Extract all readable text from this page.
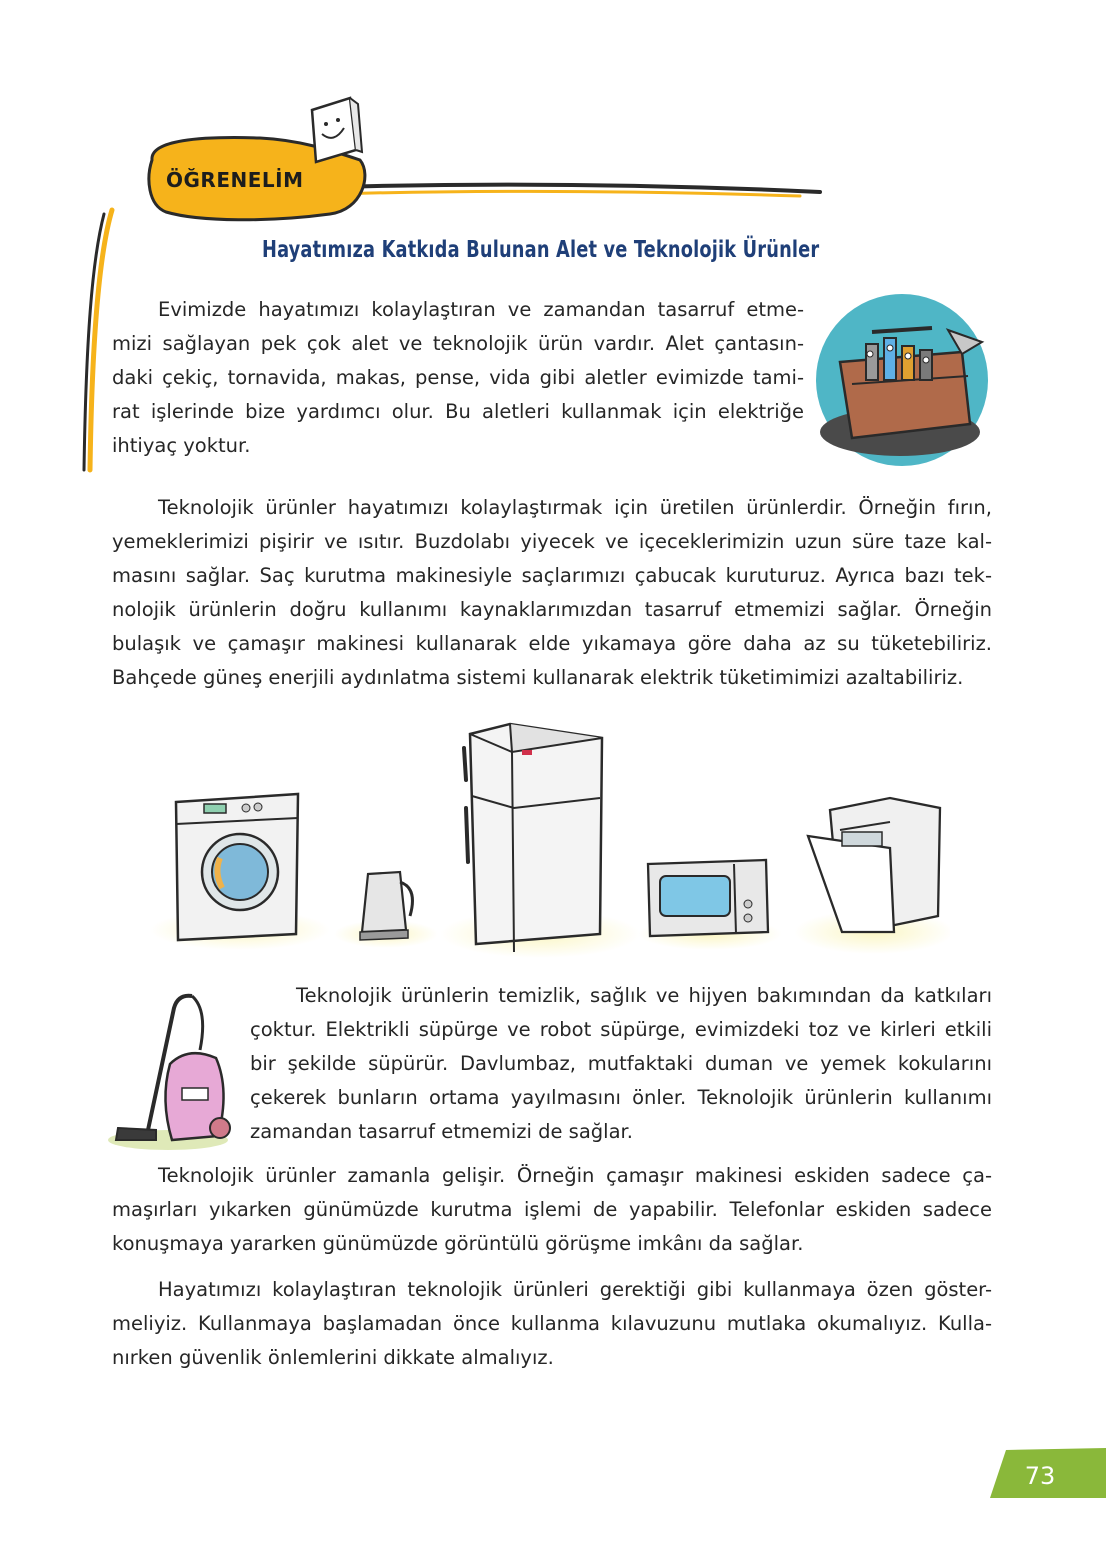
ÖĞRENELİM
Hayatımıza Katkıda Bulunan Alet ve Teknolojik Ürünler
Evimizde hayatımızı kolaylaştıran ve zamandan tasarruf etme-
mizi sağlayan pek çok alet ve teknolojik ürün vardır. Alet çantasın-
daki çekiç, tornavida, makas, pense, vida gibi aletler evimizde tami-
rat işlerinde bize yardımcı olur. Bu aletleri kullanmak için elektriğe
ihtiyaç yoktur.
Teknolojik ürünler hayatımızı kolaylaştırmak için üretilen ürünlerdir. Örneğin fırın,
yemeklerimizi pişirir ve ısıtır. Buzdolabı yiyecek ve içeceklerimizin uzun süre taze kal-
masını sağlar. Saç kurutma makinesiyle saçlarımızı çabucak kuruturuz. Ayrıca bazı tek-
nolojik ürünlerin doğru kullanımı kaynaklarımızdan tasarruf etmemizi sağlar. Örneğin
bulaşık ve çamaşır makinesi kullanarak elde yıkamaya göre daha az su tüketebiliriz.
Bahçede güneş enerjili aydınlatma sistemi kullanarak elektrik tüketimimizi azaltabiliriz.
Teknolojik ürünlerin temizlik, sağlık ve hijyen bakımından da katkıları
çoktur. Elektrikli süpürge ve robot süpürge, evimizdeki toz ve kirleri etkili
bir şekilde süpürür. Davlumbaz, mutfaktaki duman ve yemek kokularını
çekerek bunların ortama yayılmasını önler. Teknolojik ürünlerin kullanımı
zamandan tasarruf etmemizi de sağlar.
Teknolojik ürünler zamanla gelişir. Örneğin çamaşır makinesi eskiden sadece ça-
maşırları yıkarken günümüzde kurutma işlemi de yapabilir. Telefonlar eskiden sadece
konuşmaya yararken günümüzde görüntülü görüşme imkânı da sağlar.
Hayatımızı kolaylaştıran teknolojik ürünleri gerektiği gibi kullanmaya özen göster-
meliyiz. Kullanmaya başlamadan önce kullanma kılavuzunu mutlaka okumalıyız. Kulla-
nırken güvenlik önlemlerini dikkate almalıyız.
73
